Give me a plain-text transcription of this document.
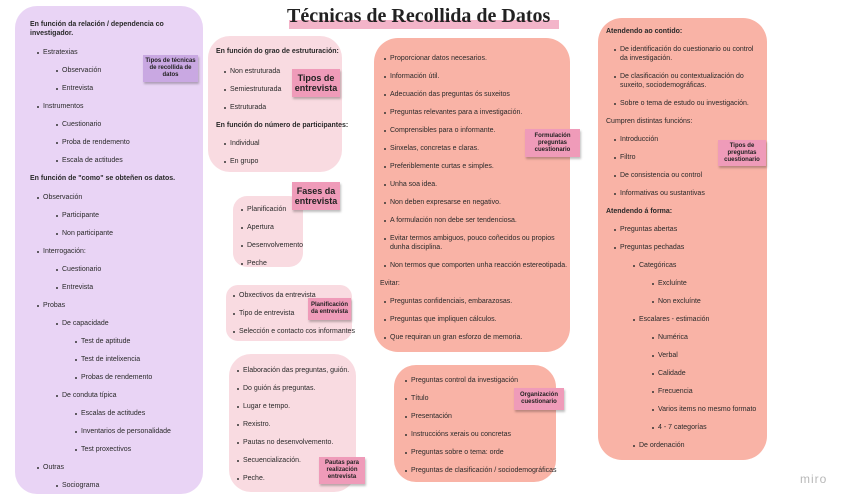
Técnicas de Recollida de Datos
Tipos de técnicas de recollida de datos
En función da relación / dependencia co investigador.
Estratexias
Observación
Entrevista
Instrumentos
Cuestionario
Proba de rendemento
Escala de actitudes
En función de "como" se obteñen os datos.
Observación
Participante
Non participante
Interrogación:
Cuestionario
Entrevista
Probas
De capacidade
Test de aptitude
Test de intelixencia
Probas de rendemento
De conduta típica
Escalas de actitudes
Inventarios de personalidade
Test proxectivos
Outras
Sociograma
Tipos de entrevista
En función do grao de estruturación:
Non estruturada
Semiestruturada
Estruturada
En función do número de participantes:
Individual
En grupo
Fases da entrevista
Planificación
Apertura
Desenvolvemento
Peche
Planificación da entrevista
Obxectivos da entrevista
Tipo de entrevista
Selección e contacto cos informantes
Pautas para realización entrevista
Elaboración das preguntas, guión.
Do guión ás preguntas.
Lugar e tempo.
Rexistro.
Pautas no desenvolvemento.
Secuencialización.
Peche.
Formulación preguntas cuestionario
Proporcionar datos necesarios.
Información útil.
Adecuación das preguntas ós suxeitos
Preguntas relevantes para a investigación.
Comprensibles para o informante.
Sinxelas, concretas e claras.
Preferiblemente curtas e simples.
Unha soa idea.
Non deben expresarse en negativo.
A formulación non debe ser tendenciosa.
Evitar termos ambiguos, pouco coñecidos ou propios dunha disciplina.
Non termos que comporten unha reacción estereotipada.
Evitar:
Preguntas confidenciais, embarazosas.
Preguntas que impliquen cálculos.
Que requiran un gran esforzo de memoria.
Organización cuestionario
Preguntas control da investigación
Título
Presentación
Instruccións xerais ou concretas
Preguntas sobre o tema: orde
Preguntas de clasificación / sociodemográficas
Tipos de preguntas cuestionario
Atendendo ao contido:
De identificación do cuestionario ou control da investigación.
De clasificación ou contextualización do suxeito, sociodemográficas.
Sobre o tema de estudo ou investigación.
Cumpren distintas funcións:
Introducción
Filtro
De consistencia ou control
Informativas ou sustantivas
Atendendo á forma:
Preguntas abertas
Preguntas pechadas
Categóricas
Excluínte
Non excluínte
Escalares - estimación
Numérica
Verbal
Calidade
Frecuencia
Varios items no mesmo formato
4 - 7 categorías
De ordenación
miro
